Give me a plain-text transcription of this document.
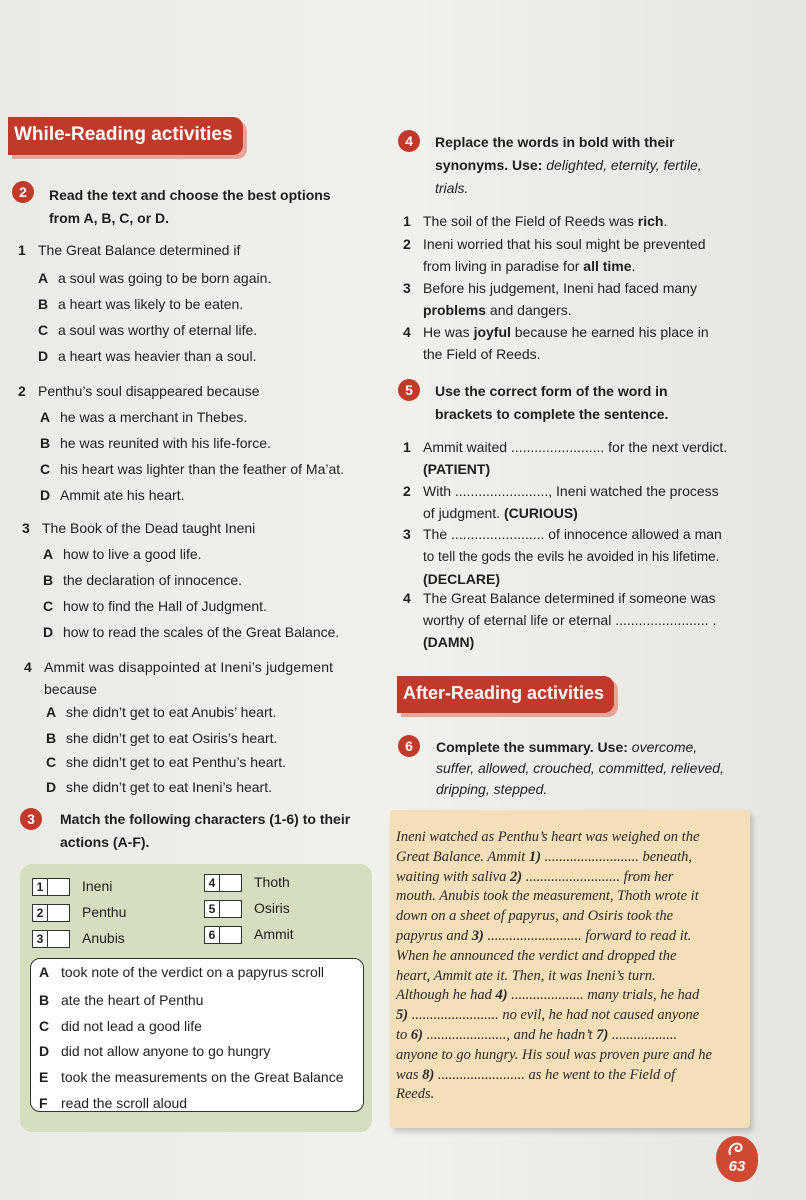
While-Reading activities
2	Read the text and choose the best options
from A, B, C, or D.
1 The Great Balance determined if
A a soul was going to be born again.
B a heart was likely to be eaten.
C a soul was worthy of eternal life.
D a heart was heavier than a soul.
2 Penthu’s soul disappeared because
A he was a merchant in Thebes.
B he was reunited with his life-force.
C his heart was lighter than the feather of Ma’at.
D Ammit ate his heart.
3 The Book of the Dead taught Ineni
A how to live a good life.
B the declaration of innocence.
C how to find the Hall of Judgment.
D how to read the scales of the Great Balance.
4 Ammit was disappointed at Ineni’s judgement
because
A she didn’t get to eat Anubis’ heart.
B she didn’t get to eat Osiris’s heart.
C she didn’t get to eat Penthu’s heart.
D she didn’t get to eat Ineni’s heart.
3	Match the following characters (1-6) to their
actions (A-F).
1	Ineni
2	Penthu
3	Anubis
4	Thoth
5	Osiris
6	Ammit
A took note of the verdict on a papyrus scroll
B ate the heart of Penthu
C did not lead a good life
D did not allow anyone to go hungry
E took the measurements on the Great Balance
F read the scroll aloud
4	Replace the words in bold with their
synonyms. Use: delighted, eternity, fertile,
trials.
1 The soil of the Field of Reeds was rich.
2 Ineni worried that his soul might be prevented
from living in paradise for all time.
3 Before his judgement, Ineni had faced many
problems and dangers.
4 He was joyful because he earned his place in
the Field of Reeds.
5	Use the correct form of the word in
brackets to complete the sentence.
1 Ammit waited ........................ for the next verdict.
(PATIENT)
2 With ........................, Ineni watched the process
of judgment. (CURIOUS)
3 The ........................ of innocence allowed a man
to tell the gods the evils he avoided in his lifetime.
(DECLARE)
4 The Great Balance determined if someone was
worthy of eternal life or eternal ........................ .
(DAMN)
After-Reading activities
6	Complete the summary. Use: overcome,
suffer, allowed, crouched, committed, relieved,
dripping, stepped.
Ineni watched as Penthu’s heart was weighed on the
Great Balance. Ammit 1) .......................... beneath,
waiting with saliva 2) .......................... from her
mouth. Anubis took the measurement, Thoth wrote it
down on a sheet of papyrus, and Osiris took the
papyrus and 3) .......................... forward to read it.
When he announced the verdict and dropped the
heart, Ammit ate it. Then, it was Ineni’s turn.
Although he had 4) .................... many trials, he had
5) ........................ no evil, he had not caused anyone
to 6) ......................, and he hadn’t 7) ..................
anyone to go hungry. His soul was proven pure and he
was 8) ........................ as he went to the Field of
Reeds.
63
